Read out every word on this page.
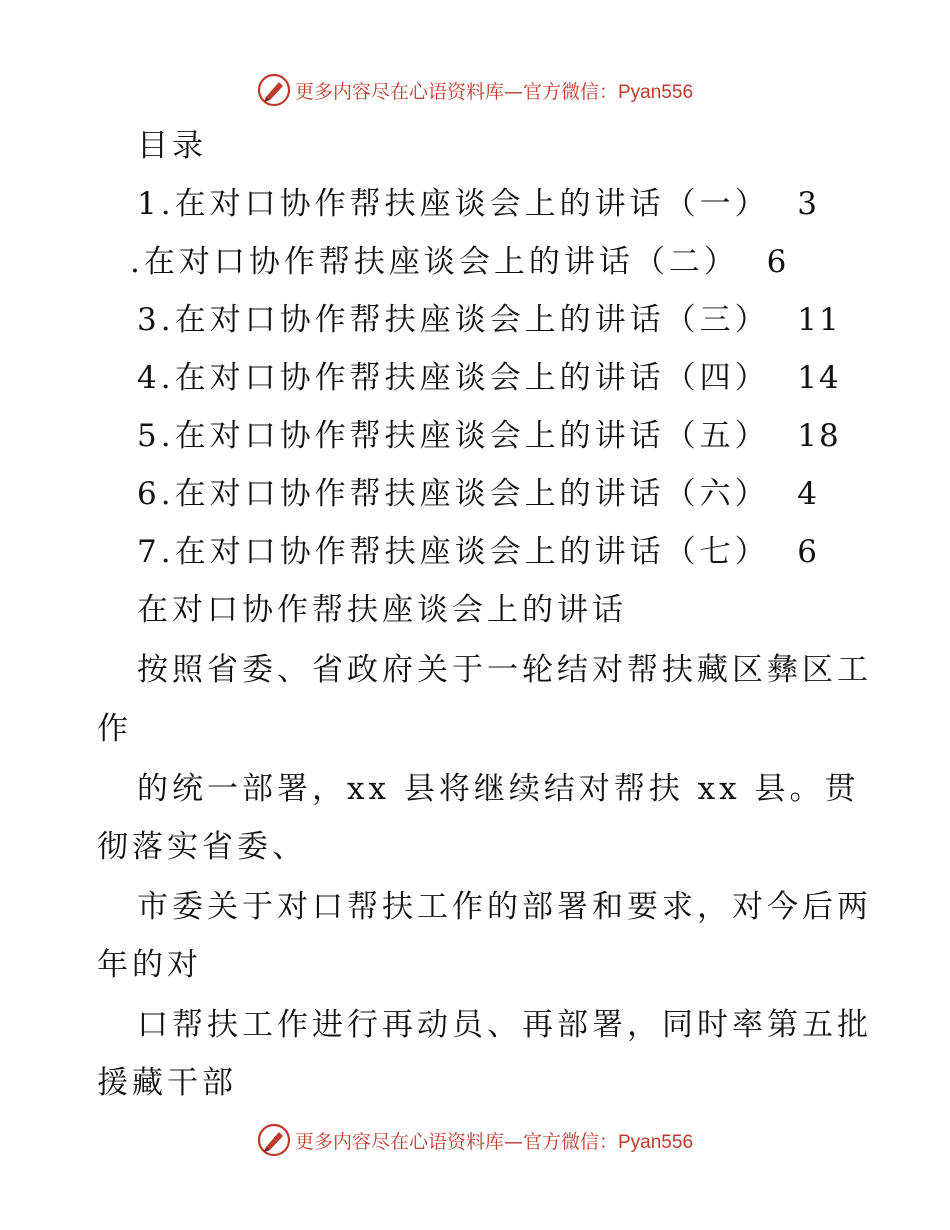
更多内容尽在心语资料库—官方微信：Pyan556
目录
1.在对口协作帮扶座谈会上的讲话（一） 3
.在对口协作帮扶座谈会上的讲话（二） 6
3.在对口协作帮扶座谈会上的讲话（三） 11
4.在对口协作帮扶座谈会上的讲话（四） 14
5.在对口协作帮扶座谈会上的讲话（五） 18
6.在对口协作帮扶座谈会上的讲话（六） 4
7.在对口协作帮扶座谈会上的讲话（七） 6
在对口协作帮扶座谈会上的讲话
按照省委、省政府关于一轮结对帮扶藏区彝区工
作
的统一部署，xx 县将继续结对帮扶 xx 县。贯
彻落实省委、
市委关于对口帮扶工作的部署和要求，对今后两
年的对
口帮扶工作进行再动员、再部署，同时率第五批
援藏干部
更多内容尽在心语资料库—官方微信：Pyan556
